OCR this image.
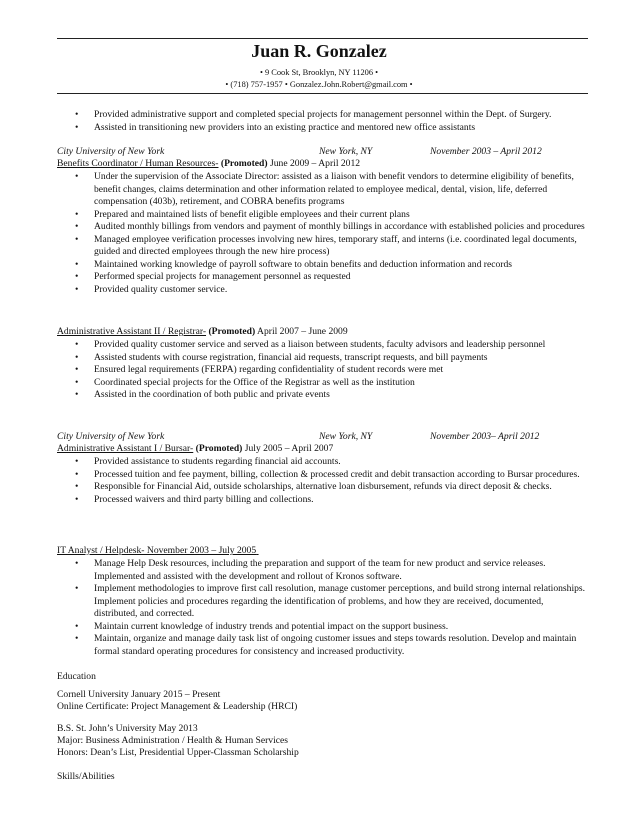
Juan R. Gonzalez
• 9 Cook St, Brooklyn, NY 11206 •
• (718) 757-1957 • Gonzalez.John.Robert@gmail.com •
• Provided administrative support and completed special projects for management personnel within the Dept. of Surgery.
• Assisted in transitioning new providers into an existing practice and mentored new office assistants
City University of New York	New York, NY	November 2003 – April 2012
Benefits Coordinator / Human Resources- (Promoted) June 2009 – April 2012
• Under the supervision of the Associate Director: assisted as a liaison with benefit vendors to determine eligibility of benefits, benefit changes, claims determination and other information related to employee medical, dental, vision, life, deferred compensation (403b), retirement, and COBRA benefits programs
• Prepared and maintained lists of benefit eligible employees and their current plans
• Audited monthly billings from vendors and payment of monthly billings in accordance with established policies and procedures
• Managed employee verification processes involving new hires, temporary staff, and interns (i.e. coordinated legal documents, guided and directed employees through the new hire process)
• Maintained working knowledge of payroll software to obtain benefits and deduction information and records
• Performed special projects for management personnel as requested
• Provided quality customer service.
Administrative Assistant II / Registrar- (Promoted) April 2007 – June 2009
• Provided quality customer service and served as a liaison between students, faculty advisors and leadership personnel
• Assisted students with course registration, financial aid requests, transcript requests, and bill payments
• Ensured legal requirements (FERPA) regarding confidentiality of student records were met
• Coordinated special projects for the Office of the Registrar as well as the institution
• Assisted in the coordination of both public and private events
City University of New York	New York, NY	November 2003– April 2012
Administrative Assistant I / Bursar- (Promoted) July 2005 – April 2007
• Provided assistance to students regarding financial aid accounts.
• Processed tuition and fee payment, billing, collection & processed credit and debit transaction according to Bursar procedures.
• Responsible for Financial Aid, outside scholarships, alternative loan disbursement, refunds via direct deposit & checks.
• Processed waivers and third party billing and collections.
IT Analyst / Helpdesk- November 2003 – July 2005
• Manage Help Desk resources, including the preparation and support of the team for new product and service releases. Implemented and assisted with the development and rollout of Kronos software.
• Implement methodologies to improve first call resolution, manage customer perceptions, and build strong internal relationships. Implement policies and procedures regarding the identification of problems, and how they are received, documented, distributed, and corrected.
• Maintain current knowledge of industry trends and potential impact on the support business.
• Maintain, organize and manage daily task list of ongoing customer issues and steps towards resolution. Develop and maintain formal standard operating procedures for consistency and increased productivity.
Education
Cornell University January 2015 – Present
Online Certificate: Project Management & Leadership (HRCI)
B.S. St. John’s University May 2013
Major: Business Administration / Health & Human Services
Honors: Dean’s List, Presidential Upper-Classman Scholarship
Skills/Abilities
